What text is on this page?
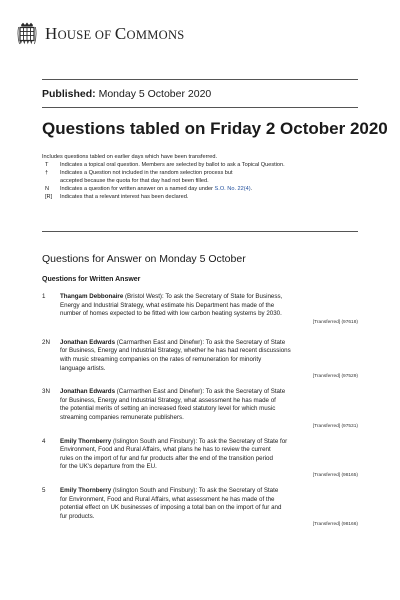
HOUSE OF COMMONS
Published: Monday 5 October 2020
Questions tabled on Friday 2 October 2020
Includes questions tabled on earlier days which have been transferred.
T	Indicates a topical oral question. Members are selected by ballot to ask a Topical Question.
†	Indicates a Question not included in the random selection process but
accepted because the quota for that day had not been filled.
N	Indicates a question for written answer on a named day under S.O. No. 22(4).
[R]	Indicates that a relevant interest has been declared.
Questions for Answer on Monday 5 October
Questions for Written Answer
1	Thangam Debbonaire (Bristol West): To ask the Secretary of State for Business,
Energy and Industrial Strategy, what estimate his Department has made of the
number of homes expected to be fitted with low carbon heating systems by 2030.
[Transferred] (97618)
2N	Jonathan Edwards (Carmarthen East and Dinefwr): To ask the Secretary of State
for Business, Energy and Industrial Strategy, whether he has had recent discussions
with music streaming companies on the rates of remuneration for minority
language artists.
[Transferred] (97529)
3N	Jonathan Edwards (Carmarthen East and Dinefwr): To ask the Secretary of State
for Business, Energy and Industrial Strategy, what assessment he has made of
the potential merits of setting an increased fixed statutory level for which music
streaming companies remunerate publishers.
[Transferred] (97531)
4	Emily Thornberry (Islington South and Finsbury): To ask the Secretary of State for
Environment, Food and Rural Affairs, what plans he has to review the current
rules on the import of fur and fur products after the end of the transition period
for the UK's departure from the EU.
[Transferred] (98165)
5	Emily Thornberry (Islington South and Finsbury): To ask the Secretary of State
for Environment, Food and Rural Affairs, what assessment he has made of the
potential effect on UK businesses of imposing a total ban on the import of fur and
fur products.
[Transferred] (98166)
